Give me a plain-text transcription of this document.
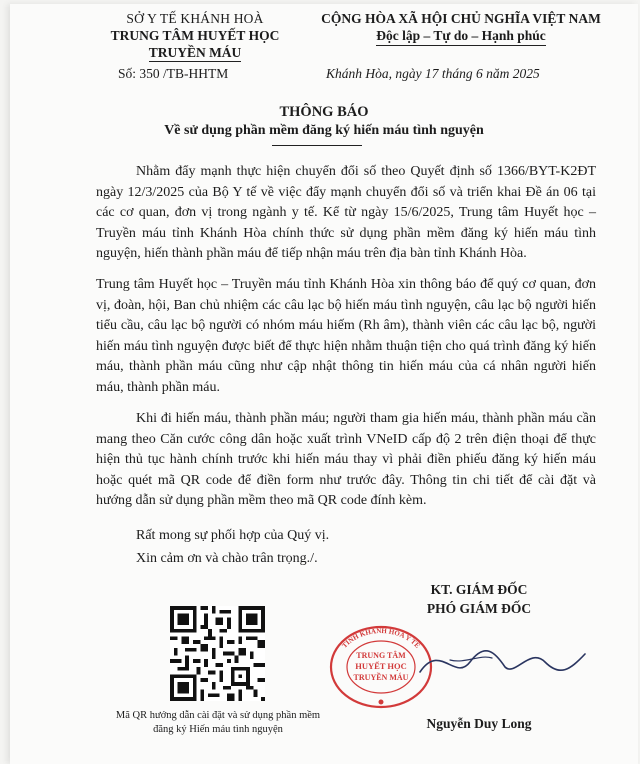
SỞ Y TẾ KHÁNH HOÀ
TRUNG TÂM HUYẾT HỌC
TRUYỀN MÁU
Số: 350 /TB-HHTM
CỘNG HÒA XÃ HỘI CHỦ NGHĨA VIỆT NAM
Độc lập – Tự do – Hạnh phúc
Khánh Hòa, ngày 17 tháng 6 năm 2025
THÔNG BÁO
Về sử dụng phần mềm đăng ký hiến máu tình nguyện

Nhằm đẩy mạnh thực hiện chuyển đổi số theo Quyết định số 1366/BYT-K2ĐT ngày 12/3/2025 của Bộ Y tế về việc đẩy mạnh chuyển đổi số và triển khai Đề án 06 tại các cơ quan, đơn vị trong ngành y tế. Kể từ ngày 15/6/2025, Trung tâm Huyết học – Truyền máu tỉnh Khánh Hòa chính thức sử dụng phần mềm đăng ký hiến máu tình nguyện, hiến thành phần máu để tiếp nhận máu trên địa bàn tỉnh Khánh Hòa.

Trung tâm Huyết học – Truyền máu tỉnh Khánh Hòa xin thông báo để quý cơ quan, đơn vị, đoàn, hội, Ban chủ nhiệm các câu lạc bộ hiến máu tình nguyện, câu lạc bộ người hiến tiểu cầu, câu lạc bộ người có nhóm máu hiếm (Rh âm), thành viên các câu lạc bộ, người hiến máu tình nguyện được biết để thực hiện nhằm thuận tiện cho quá trình đăng ký hiến máu, thành phần máu cũng như cập nhật thông tin hiến máu của cá nhân người hiến máu, thành phần máu.

Khi đi hiến máu, thành phần máu; người tham gia hiến máu, thành phần máu cần mang theo Căn cước công dân hoặc xuất trình VNeID cấp độ 2 trên điện thoại để thực hiện thủ tục hành chính trước khi hiến máu thay vì phải điền phiếu đăng ký hiến máu hoặc quét mã QR code để điền form như trước đây. Thông tin chi tiết để cài đặt và hướng dẫn sử dụng phần mềm theo mã QR code đính kèm.

Rất mong sự phối hợp của Quý vị.

Xin cảm ơn và chào trân trọng./.

KT. GIÁM ĐỐC
PHÓ GIÁM ĐỐC
Mã QR hướng dẫn cài đặt và sử dụng phần mềm
đăng ký Hiến máu tình nguyện
TRUNG TÂM
HUYẾT HỌC
TRUYỀN MÁU
TỈNH KHÁNH HÒA Y TẾ
Nguyễn Duy Long
